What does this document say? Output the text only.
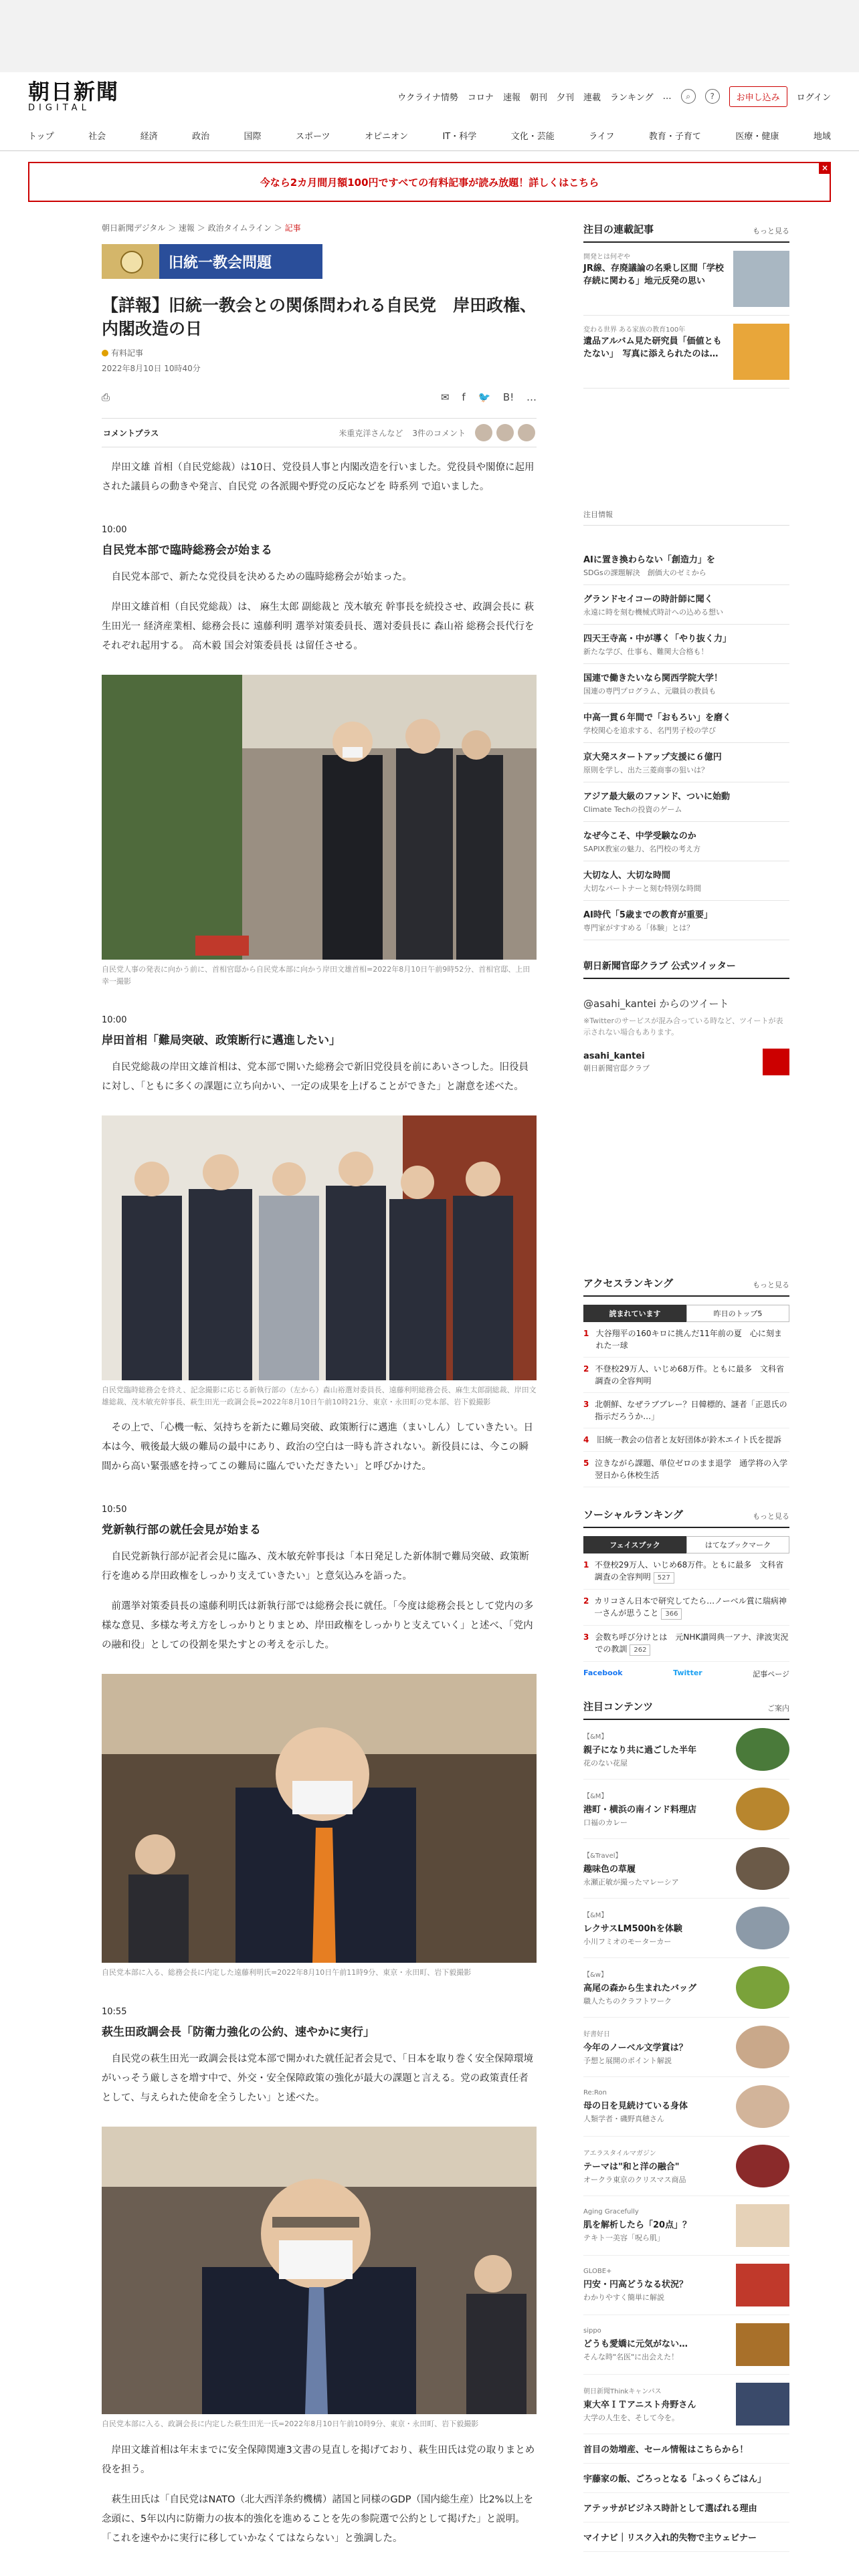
朝日新聞
DIGITAL
ウクライナ情勢 コロナ 速報 朝刊 夕刊 連載 ランキング …	⌕	?	お申し込み	ログイン
トップ	社会	経済	政治	国際	スポーツ	オピニオン	IT・科学	文化・芸能	ライフ	教育・子育て	医療・健康	地域
今なら2カ月間月額100円ですべての有料記事が読み放題！詳しくはこちら
×
朝日新聞デジタル ＞ 速報 ＞ 政治タイムライン ＞ 記事
旧統一教会問題
【詳報】旧統一教会との関係問われる自民党　岸田政権、内閣改造の日
有料記事
2022年8月10日 10時40分
⎙	✉ f 🐦 B! …
コメントプラス	米重克洋さんなど 3件のコメント

岸田文雄 首相（自民党総裁）は10日、党役員人事と内閣改造を行いました。党役員や閣僚に起用された議員らの動きや発言、自民党 の各派閥や野党の反応などを 時系列 で追いました。

10:00
自民党本部で臨時総務会が始まる

自民党本部で、新たな党役員を決めるための臨時総務会が始まった。

岸田文雄首相（自民党総裁）は、 麻生太郎 副総裁と 茂木敏充 幹事長を続投させ、政調会長に 萩生田光一 経済産業相、総務会長に 遠藤利明 選挙対策委員長、選対委員長に 森山裕 総務会長代行をそれぞれ起用する。 高木毅 国会対策委員長 は留任させる。

自民党人事の発表に向かう前に、首相官邸から自民党本部に向かう岸田文雄首相=2022年8月10日午前9時52分、首相官邸、上田幸一撮影
10:00
岸田首相「難局突破、政策断行に邁進したい」

自民党総裁の岸田文雄首相は、党本部で開いた総務会で新旧党役員を前にあいさつした。旧役員に対し、「ともに多くの課題に立ち向かい、一定の成果を上げることができた」と謝意を述べた。

自民党臨時総務会を終え、記念撮影に応じる新執行部の（左から）森山裕選対委員長、遠藤利明総務会長、麻生太郎副総裁、岸田文雄総裁、茂木敏充幹事長、萩生田光一政調会長=2022年8月10日午前10時21分、東京・永田町の党本部、岩下毅撮影

その上で、「心機一転、気持ちを新たに難局突破、政策断行に邁進（まいしん）していきたい。日本は今、戦後最大級の難局の最中にあり、政治の空白は一時も許されない。新役員には、今この瞬間から高い緊張感を持ってこの難局に臨んでいただきたい」と呼びかけた。

10:50
党新執行部の就任会見が始まる

自民党新執行部が記者会見に臨み、茂木敏充幹事長は「本日発足した新体制で難局突破、政策断行を進める岸田政権をしっかり支えていきたい」と意気込みを語った。

前選挙対策委員長の遠藤利明氏は新執行部では総務会長に就任。「今度は総務会長として党内の多様な意見、多様な考え方をしっかりとりまとめ、岸田政権をしっかりと支えていく」と述べ、「党内の融和役」としての役割を果たすとの考えを示した。

自民党本部に入る、総務会長に内定した遠藤利明氏=2022年8月10日午前11時9分、東京・永田町、岩下毅撮影
10:55
萩生田政調会長「防衛力強化の公約、速やかに実行」

自民党の萩生田光一政調会長は党本部で開かれた就任記者会見で、「日本を取り巻く安全保障環境がいっそう厳しさを増す中で、外交・安全保障政策の強化が最大の課題と言える。党の政策責任者として、与えられた使命を全うしたい」と述べた。

自民党本部に入る、政調会長に内定した萩生田光一氏=2022年8月10日午前10時9分、東京・永田町、岩下毅撮影

岸田文雄首相は年末までに安全保障関連3文書の見直しを掲げており、萩生田氏は党の取りまとめ役を担う。

萩生田氏は「自民党はNATO（北大西洋条約機構）諸国と同様のGDP（国内総生産）比2%以上を念頭に、5年以内に防衛力の抜本的強化を進めることを先の参院選で公約として掲げた」と説明。「これを速やかに実行に移していかなくてはならない」と強調した。

注目の連載記事	もっと見る
開発とは何ぞや
JR線、存廃議論の名乗し区間「学校存続に関わる」地元反発の思い
変わる世界 ある家族の教育100年
遺品アルバム見た研究員「価値ともたない」　写真に添えられたのは…
注目情報
AIに置き換わらない「創造力」を
SDGsの課題解決　創価大のゼミから
グランドセイコーの時計師に聞く
永遠に時を刻む機械式時計への込める想い
四天王寺高・中が導く「やり抜く力」
新たな学び、仕事も、難関大合格も！
国連で働きたいなら関西学院大学！
国連の専門プログラム、元職員の教員も
中高一貫６年間で「おもろい」を磨く
学校関心を追求する、名門男子校の学び
京大発スタートアップ支援に６億円
原則を学し、出た三菱商事の狙いは？
アジア最大級のファンド、ついに始動
Climate Techの投資のゲーム
なぜ今こそ、中学受験なのか
SAPIX教室の魅力、名門校の考え方
大切な人、大切な時間
大切なパートナーと刻む特別な時間
AI時代「5歳までの教育が重要」
専門家がすすめる「体験」とは？
朝日新聞官邸クラブ 公式ツイッター
@asahi_kantei からのツイート
※Twitterのサービスが混み合っている時など、ツイートが表示されない場合もあります。
asahi_kantei
朝日新聞官邸クラブ
アクセスランキング	もっと見る
読まれています	昨日のトップ5
1 大谷翔平の160キロに挑んだ11年前の夏　心に刻まれた一球
2 不登校29万人、いじめ68万件。ともに最多　文科省調査の全容判明
3 北朝鮮、なぜラブブレー？日韓標的、謎者「正恩氏の指示だろうか…」
4 旧統一教会の信者と友好団体が鈴木エイト氏を提訴
5 泣きながら課題、単位ゼロのまま退学　通学将の入学翌日から休校生活
ソーシャルランキング	もっと見る
フェイスブック	はてなブックマーク
1 不登校29万人、いじめ68万件。ともに最多　文科省調査の全容判明 527
2 カリコさん日本で研究してたら…ノーベル賞に瑞病神一さんが思うこと 366
3 会数ち呼び分けとは　元NHK讃岡典一アナ、津波実況での教訓 262
Facebook	Twitter	記事ページ
注目コンテンツ	ご案内
【&M】
親子になり共に過ごした半年
花のない花屋
【&M】
港町・横浜の南インド料理店
口福のカレー
【&Travel】
趣味色の草履
永瀬正敏が撮ったマレーシア
【&M】
レクサスLM500hを体験
小川フミオのモーターカー
【&w】
高尾の森から生まれたバッグ
職人たちのクラフトワーク
好書好日
今年のノーベル文学賞は？
予想と展開のポイント解説
Re:Ron
母の日を見続けている身体
人類学者・磯野真穂さん
アエラスタイルマガジン
テーマは"和と洋の融合"
オークラ東京のクリスマス商品
Aging Gracefully
肌を解析したら「20点」？
テキト一美容「呪ら肌」
GLOBE+
円安・円高どうなる状況？
わかりやすく簡単に解説
sippo
どうも愛嬌に元気がない…
そんな時"名医"に出会えた！
朝日新聞Thinkキャンパス
東大卒ＩＴアニスト舟野さん
大学の人生を、そして今を。
首目の効増産、セール情報はこちらから！
宇藤家の飯、ごろっとなる「ふっくらごはん」
アテッサがビジネス時計として選ばれる理由
マイナビ｜リスク入れ的失物で主ウェビナー
